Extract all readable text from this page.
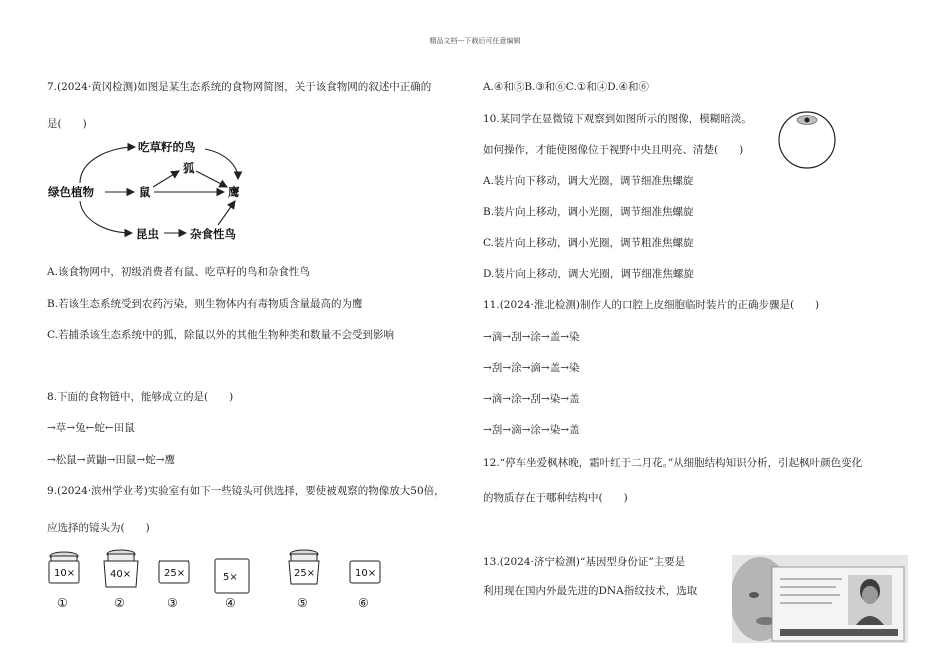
精品文档---下载后可任意编辑
7.(2024·黄冈检测)如图是某生态系统的食物网简图，关于该食物网的叙述中正确的
是(　　)
绿色植物
吃草籽的鸟
鼠
狐
鹰
昆虫	杂食性鸟
A.该食物网中，初级消费者有鼠、吃草籽的鸟和杂食性鸟
B.若该生态系统受到农药污染，则生物体内有毒物质含量最高的为鹰
C.若捕杀该生态系统中的狐，除鼠以外的其他生物种类和数量不会受到影响
8.下面的食物链中，能够成立的是(　　)
→草→兔←蛇←田鼠
→松鼠→黄鼬→田鼠→蛇→鹰
9.(2024·滨州学业考)实验室有如下一些镜头可供选择，要使被观察的物像放大50倍，
应选择的镜头为(　　)
10×	40×	25×	5×	25×	10×
①	②	③	④	⑤	⑥
A.④和⑤B.③和⑥C.①和④D.④和⑥
10.某同学在显微镜下观察到如图所示的图像，模糊暗淡。
如何操作，才能使图像位于视野中央且明亮、清楚(　　)
A.装片向下移动，调大光圈，调节细准焦螺旋
B.装片向上移动，调小光圈，调节细准焦螺旋
C.装片向上移动，调小光圈，调节粗准焦螺旋
D.装片向上移动，调大光圈，调节细准焦螺旋
11.(2024·淮北检测)制作人的口腔上皮细胞临时装片的正确步骤是(　　)
→滴→刮→涂→盖→染
→刮→涂→滴→盖→染
→滴→涂→刮→染→盖
→刮→滴→涂→染→盖
12.“停车坐爱枫林晚，霜叶红于二月花。”从细胞结构知识分析，引起枫叶颜色变化
的物质存在于哪种结构中(　　)
13.(2024·济宁检测)“基因型身份证”主要是
利用现在国内外最先进的DNA指纹技术，选取
